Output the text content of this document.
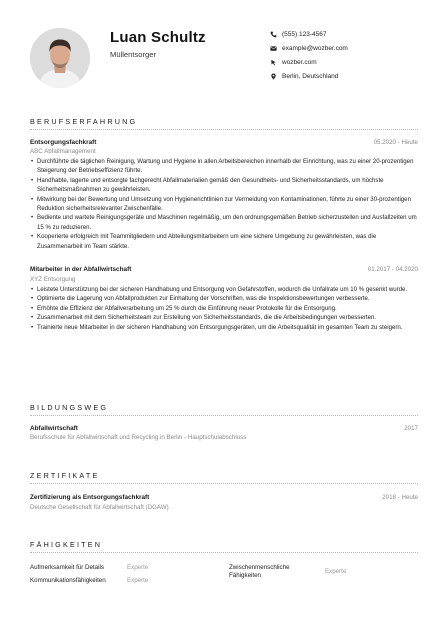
Luan Schultz
Müllentsorger
(555) 123-4567
example@wozber.com
wozber.com
Berlin, Deutschland
BERUFSERFAHRUNG
Entsorgungsfachkraft	05.2020 - Heute
ABC Abfallmanagement
• Durchführte die täglichen Reinigung, Wartung und Hygiene in allen Arbeitsbereichen innerhalb der Einrichtung, was zu einer 20-prozentigen Steigerung der Betriebseffizienz führte.
• Handhabte, lagerte und entsorgte fachgerecht Abfallmaterialien gemäß den Gesundheits- und Sicherheitsstandards, um höchste Sicherheitsmaßnahmen zu gewährleisten.
• Mitwirkung bei der Bewertung und Umsetzung von Hygienerichtlinien zur Vermeidung von Kontaminationen, führte zu einer 30-prozentigen Reduktion sicherheitsrelevanter Zwischenfälle.
• Bediente und wartete Reinigungsgeräte und Maschinen regelmäßig, um den ordnungsgemäßen Betrieb sicherzustellen und Ausfallzeiten um 15 % zu reduzieren.
• Kooperierte erfolgreich mit Teammitgliedern und Abteilungsmitarbeitern um eine sichere Umgebung zu gewährleisten, was die Zusammenarbeit im Team stärkte.
Mitarbeiter in der Abfallwirtschaft	01.2017 - 04.2020
XYZ Entsorgung
• Leistete Unterstützung bei der sicheren Handhabung und Entsorgung von Gefahrstoffen, wodurch die Unfallrate um 10 % gesenkt wurde.
• Optimierte die Lagerung von Abfallprodukten zur Einhaltung der Vorschriften, was die Inspektionsbewertungen verbesserte.
• Erhöhte die Effizienz der Abfallverarbeitung um 25 % durch die Einführung neuer Protokolle für die Entsorgung.
• Zusammenarbeit mit dem Sicherheitsteam zur Erstellung von Sicherheitsstandards, die die Arbeitsbedingungen verbesserten.
• Trainierte neue Mitarbeiter in der sicheren Handhabung von Entsorgungsgeräten, um die Arbeitsqualität im gesamten Team zu steigern.
BILDUNGSWEG
Abfallwirtschaft	2017
Berufsschule für Abfallwirtschaft und Recycling in Berlin - Hauptschulabschluss
ZERTIFIKATE
Zertifizierung als Entsorgungsfachkraft	2018 - Heute
Deutsche Gesellschaft für Abfallwirtschaft (DGAW)
FÄHIGKEITEN
Aufmerksamkeit für Details	Experte
Kommunikationsfähigkeiten	Experte
Zwischenmenschliche Fähigkeiten
Experte
